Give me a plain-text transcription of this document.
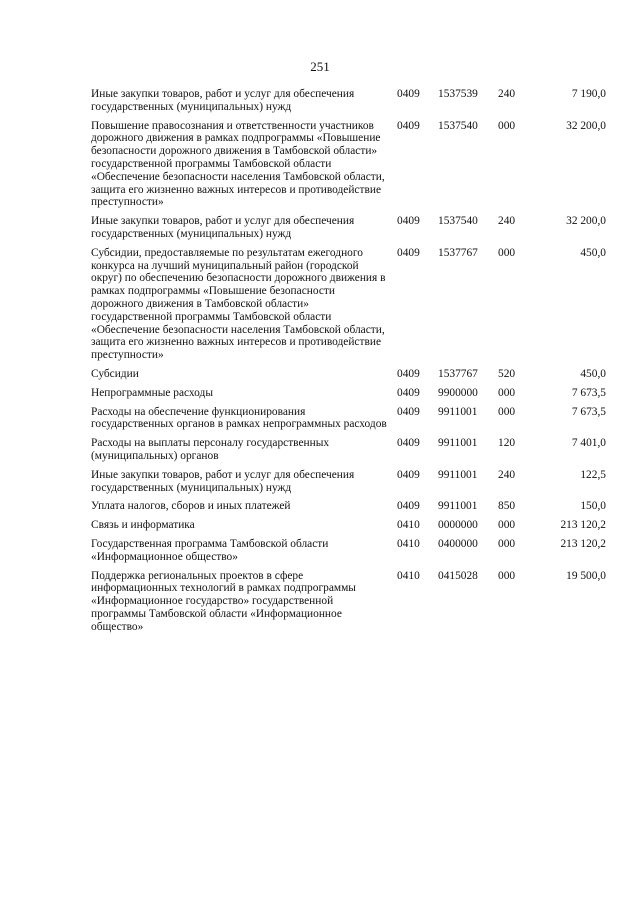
251
Иные закупки товаров, работ и услуг для обеспечения государственных (муниципальных) нужд	0409	1537539	240	7 190,0
Повышение правосознания и ответственности участников дорожного движения в рамках подпрограммы «Повышение безопасности дорожного движения в Тамбовской области» государственной программы Тамбовской области «Обеспечение безопасности населения Тамбовской области, защита его жизненно важных интересов и противодействие преступности»	0409	1537540	000	32 200,0
Иные закупки товаров, работ и услуг для обеспечения государственных (муниципальных) нужд	0409	1537540	240	32 200,0
Субсидии, предоставляемые по результатам ежегодного конкурса на лучший муниципальный район (городской округ) по обеспечению безопасности дорожного движения в рамках подпрограммы «Повышение безопасности дорожного движения в Тамбовской области» государственной программы Тамбовской области «Обеспечение безопасности населения Тамбовской области, защита его жизненно важных интересов и противодействие преступности»	0409	1537767	000	450,0
Субсидии	0409	1537767	520	450,0
Непрограммные расходы	0409	9900000	000	7 673,5
Расходы на обеспечение функционирования государственных органов в рамках непрограммных расходов	0409	9911001	000	7 673,5
Расходы на выплаты персоналу государственных (муниципальных) органов	0409	9911001	120	7 401,0
Иные закупки товаров, работ и услуг для обеспечения государственных (муниципальных) нужд	0409	9911001	240	122,5
Уплата налогов, сборов и иных платежей	0409	9911001	850	150,0
Связь и информатика	0410	0000000	000	213 120,2
Государственная программа Тамбовской области «Информационное общество»	0410	0400000	000	213 120,2
Поддержка региональных проектов в сфере информационных технологий в рамках подпрограммы «Информационное государство» государственной программы Тамбовской области «Информационное общество»	0410	0415028	000	19 500,0
